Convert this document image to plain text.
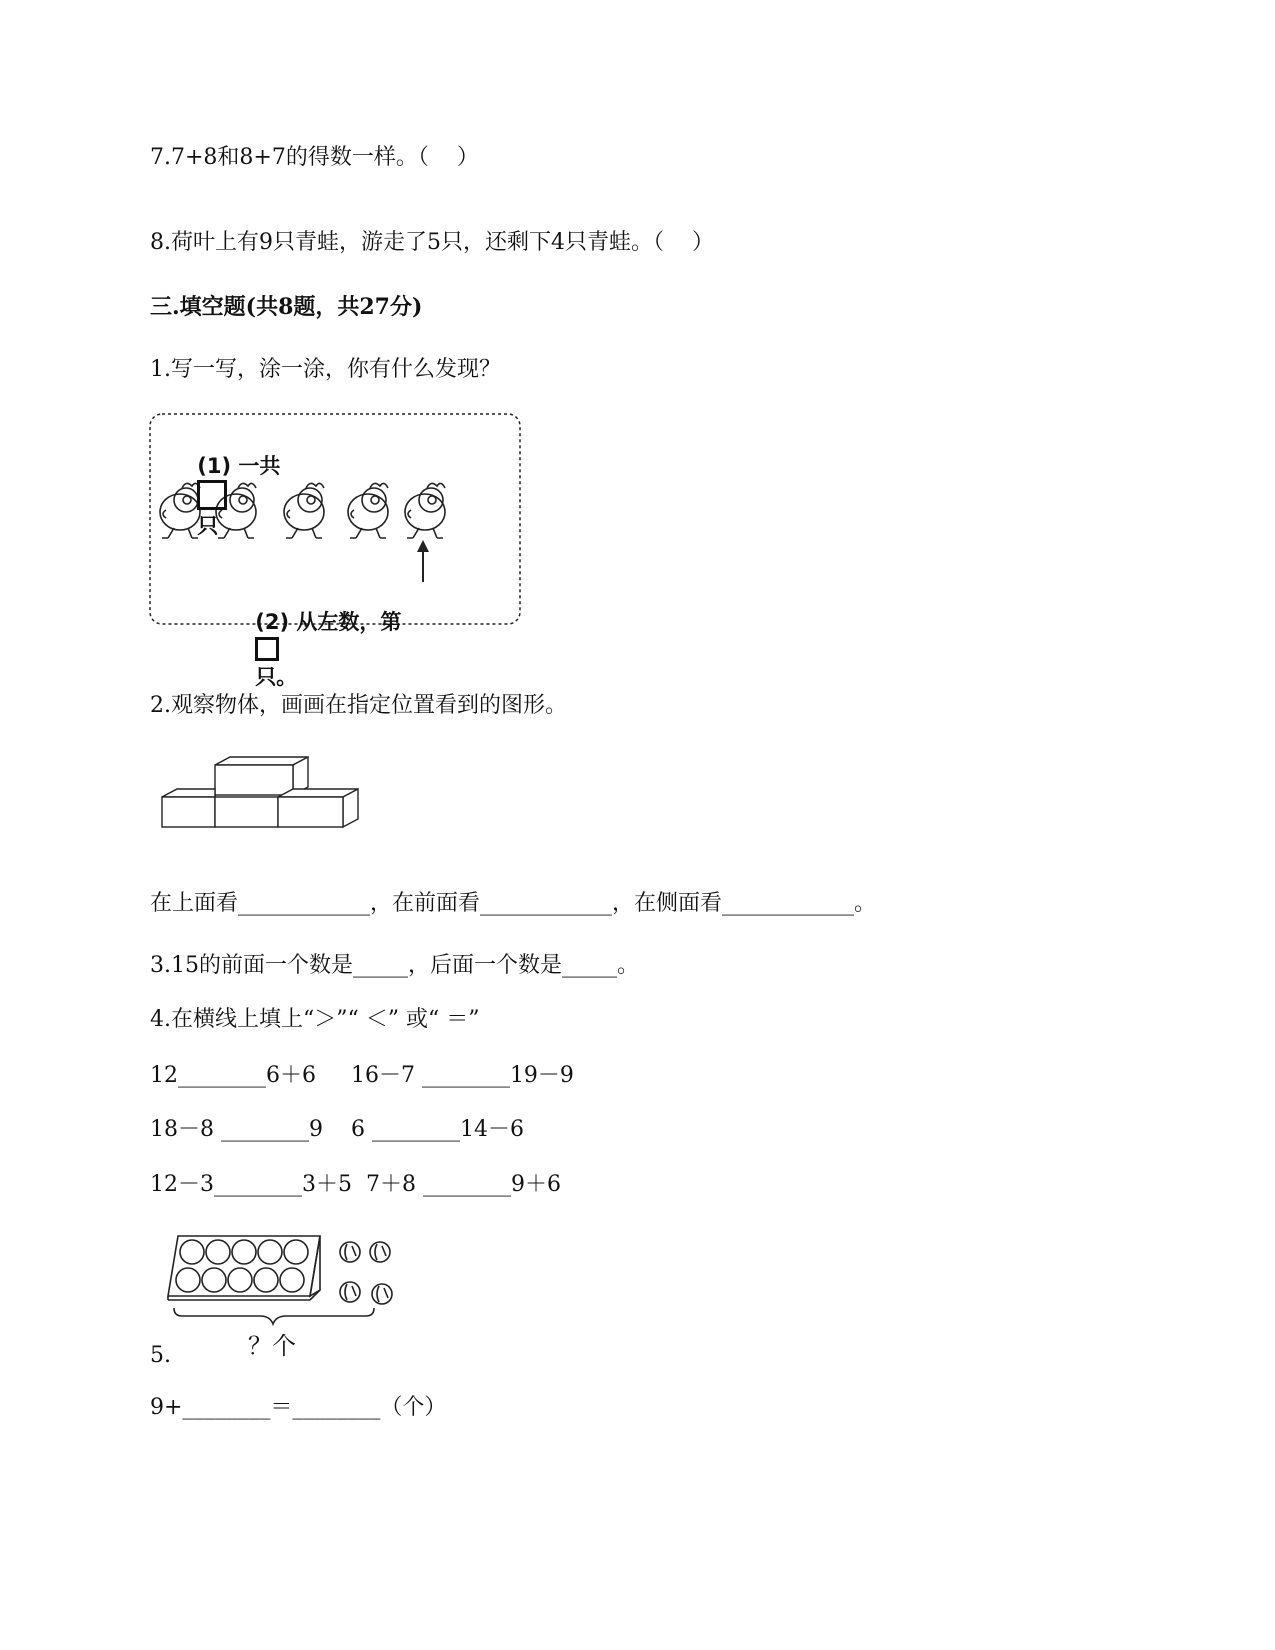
7.7+8和8+7的得数一样。（    ）
8.荷叶上有9只青蛙，游走了5只，还剩下4只青蛙。（    ）
三.填空题(共8题，共27分)
1.写一写，涂一涂，你有什么发现？

(1) 一共

只

(2) 从左数，第

只。

2.观察物体，画画在指定位置看到的图形。
在上面看____________，在前面看____________，在侧面看____________。
3.15的前面一个数是_____，后面一个数是_____。
4.在横线上填上“＞”“ ＜” 或“ ＝”
12________6＋6     16－7 ________19－9
18－8 ________9    6 ________14－6
12－3________3＋5  7＋8 ________9＋6
？个
5.
9+________＝________（个）
